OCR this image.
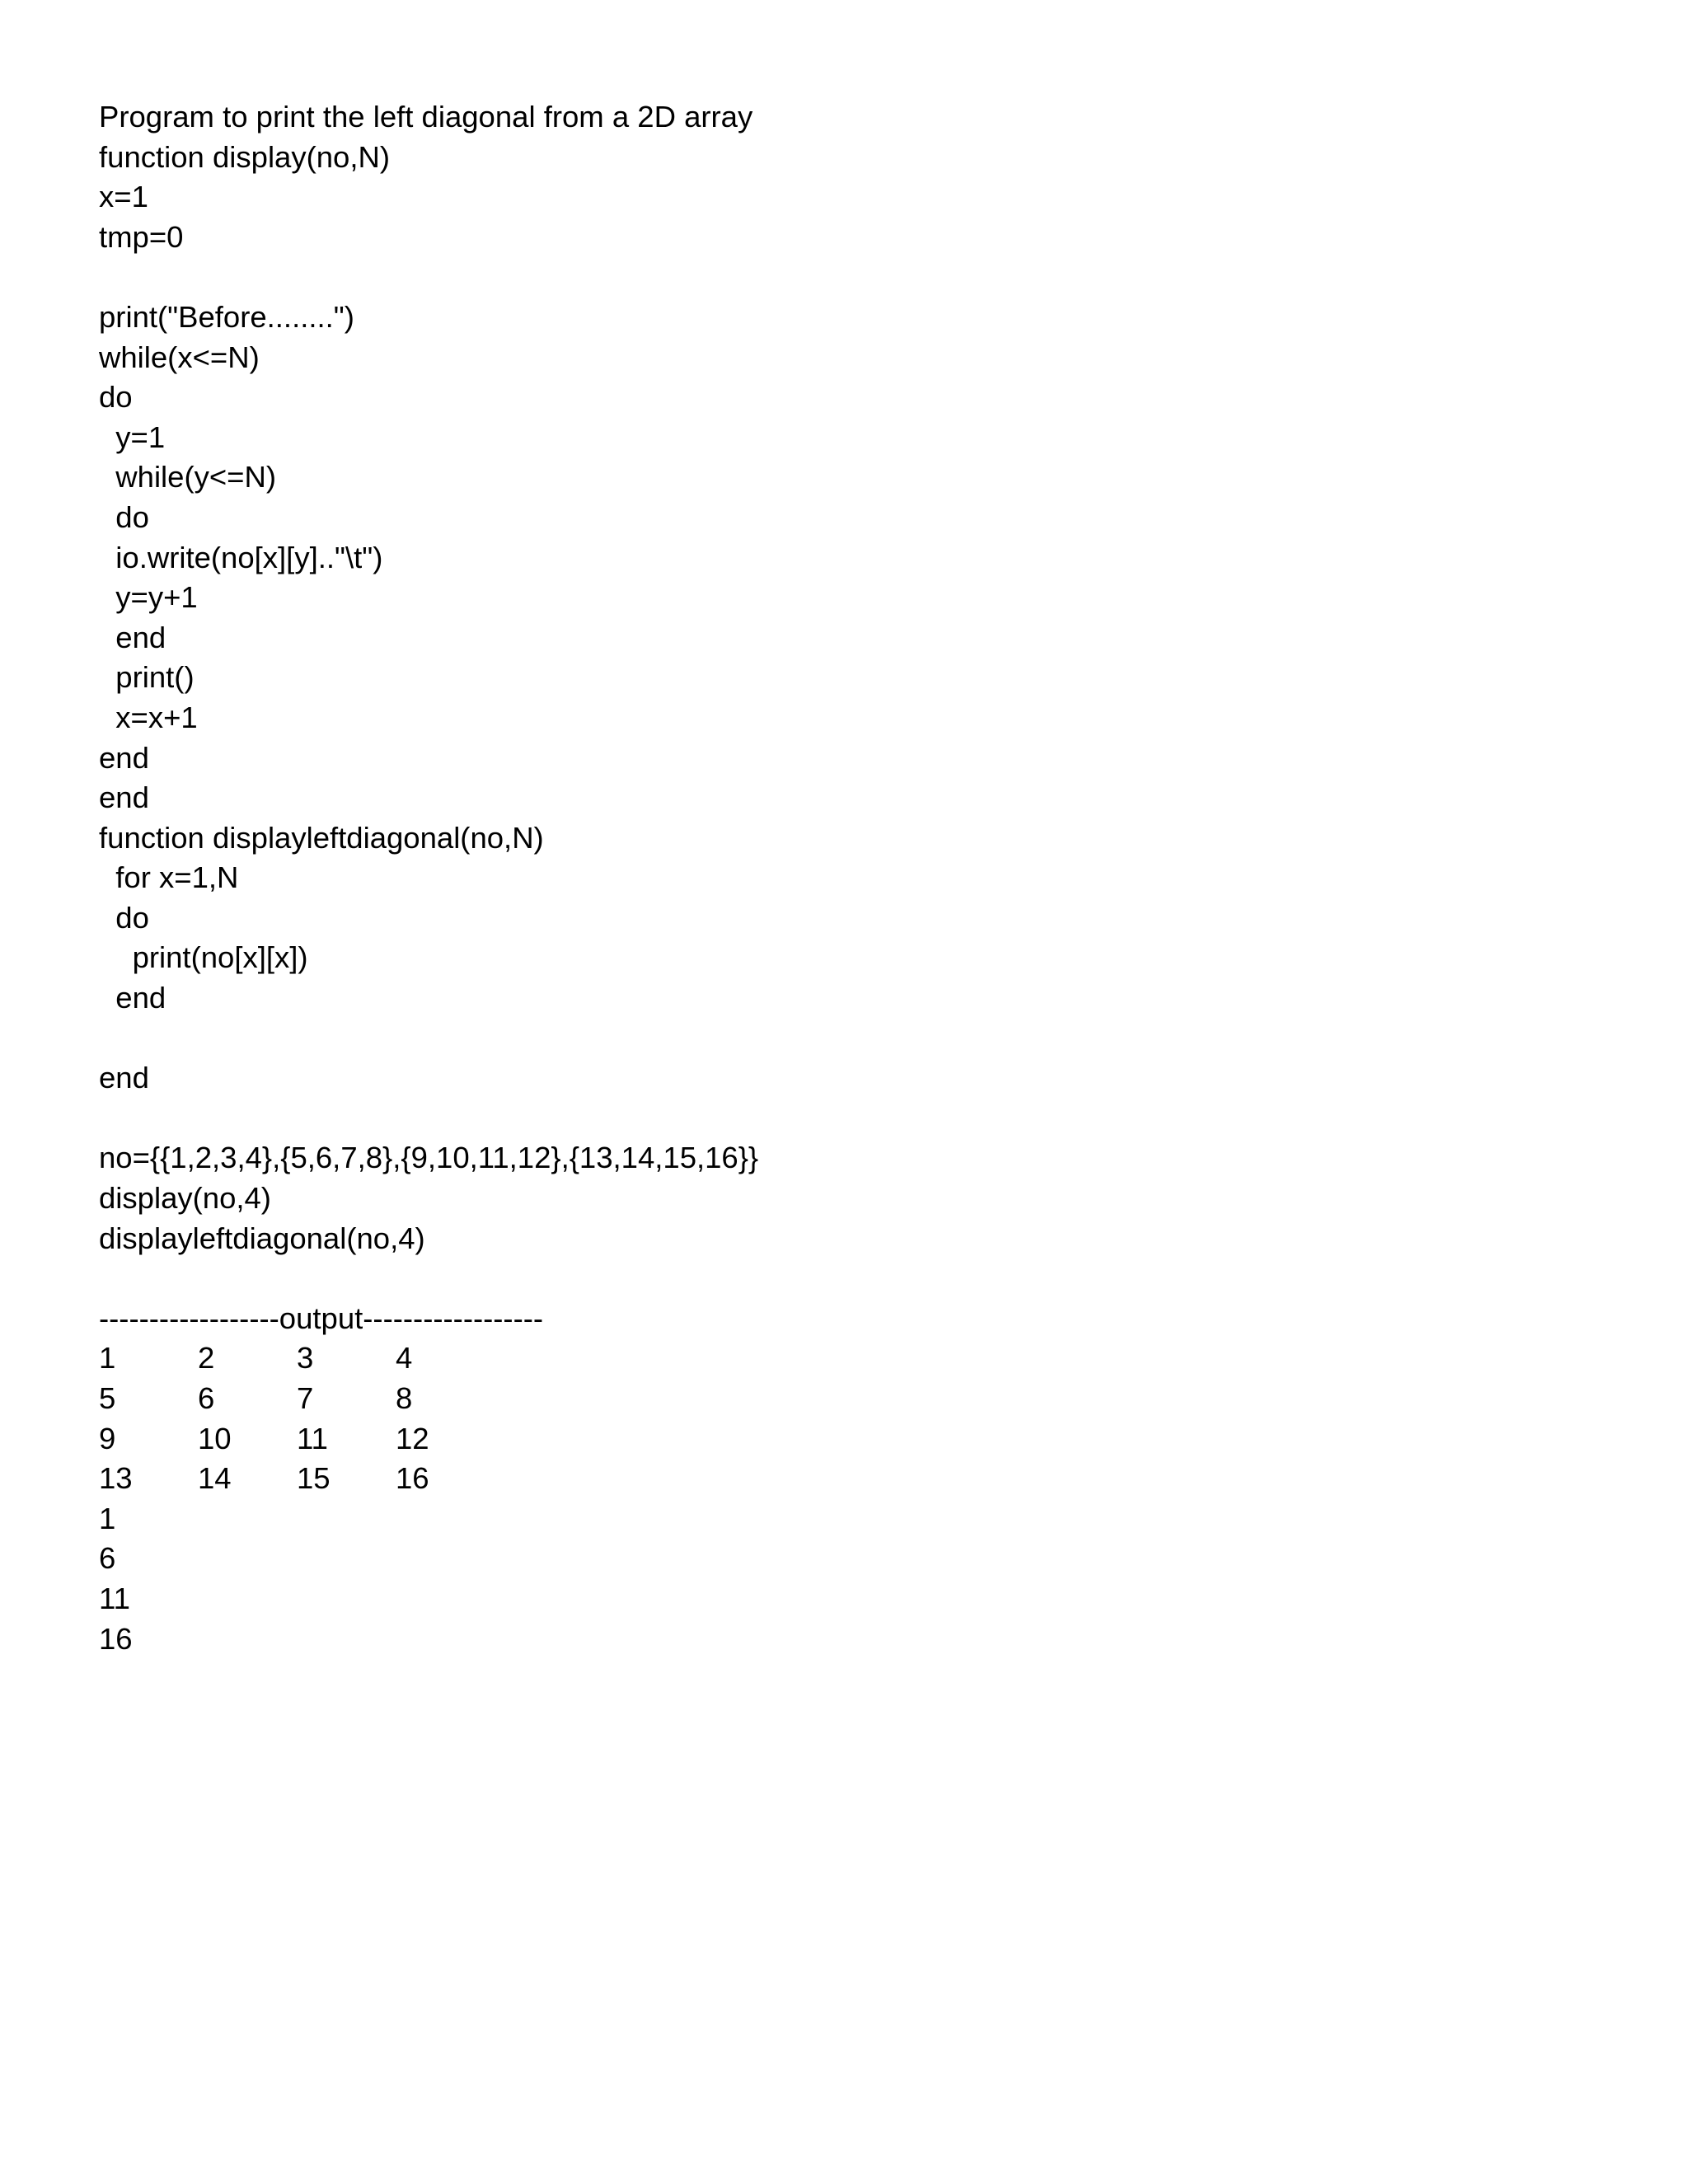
Program to print the left diagonal from a 2D array
function display(no,N)
x=1
tmp=0
print("Before........")
while(x<=N)
do
y=1
while(y<=N)
do
io.write(no[x][y].."\t")
y=y+1
end
print()
x=x+1
end
end
function displayleftdiagonal(no,N)
for x=1,N
do
print(no[x][x])
end
end
no={{1,2,3,4},{5,6,7,8},{9,10,11,12},{13,14,15,16}}
display(no,4)
displayleftdiagonal(no,4)
------------------output------------------
1	2	3	4
5	6	7	8
9	10 11 12
13 14 15 16
1
6
11
16
